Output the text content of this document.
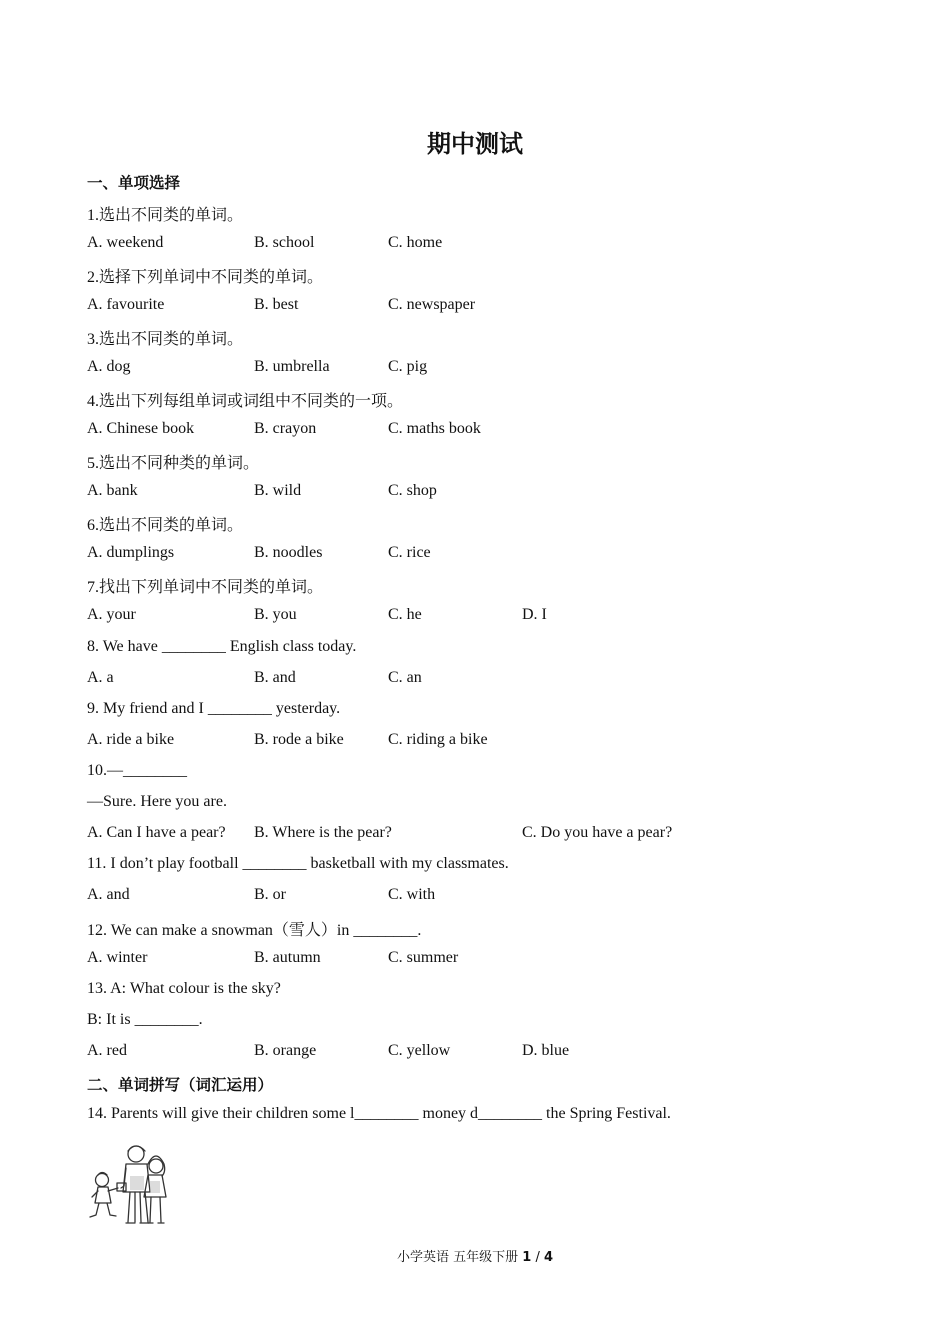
期中测试
一、单项选择
1.选出不同类的单词。
A. weekend	B. school	C. home
2.选择下列单词中不同类的单词。
A. favourite	B. best	C. newspaper
3.选出不同类的单词。
A. dog	B. umbrella	C. pig
4.选出下列每组单词或词组中不同类的一项。
A. Chinese book	B. crayon	C. maths book
5.选出不同种类的单词。
A. bank	B. wild	C. shop
6.选出不同类的单词。
A. dumplings	B. noodles	C. rice
7.找出下列单词中不同类的单词。
A. your	B. you	C. he	D. I
8. We have ________ English class today.
A. a	B. and	C. an
9. My friend and I ________ yesterday.
A. ride a bike	B. rode a bike	C. riding a bike
10.—________
—Sure. Here you are.
A. Can I have a pear? B. Where is the pear?	C. Do you have a pear?
11. I don’t play football ________ basketball with my classmates.
A. and	B. or	C. with
12. We can make a snowman（雪人）in ________.
A. winter	B. autumn	C. summer
13. A: What colour is the sky?
B: It is ________.
A. red	B. orange	C. yellow	D. blue
二、单词拼写（词汇运用）
14. Parents will give their children some l________ money d________ the Spring Festival.
小学英语 五年级下册 1 / 4
